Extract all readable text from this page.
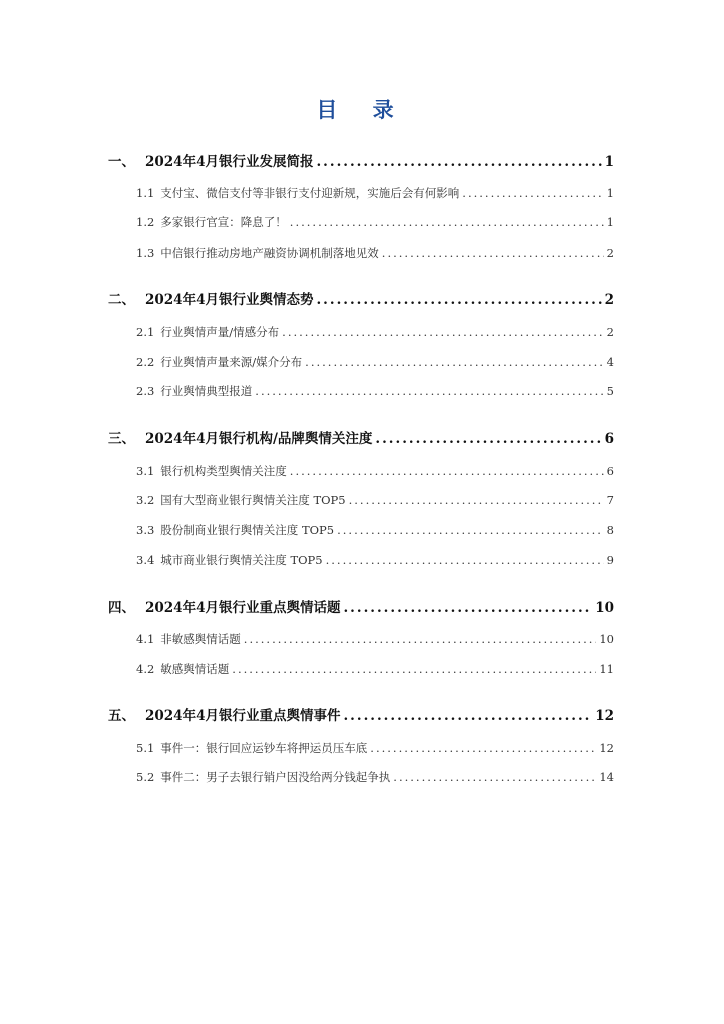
目 录
一、 2024年4月银行业发展简报 .....	1
1.1 支付宝、微信支付等非银行支付迎新规，实施后会有何影响 .....	1
1.2 多家银行官宣：降息了！ .....	1
1.3 中信银行推动房地产融资协调机制落地见效 .....	2
二、 2024年4月银行业舆情态势 .....	2
2.1 行业舆情声量/情感分布 .....	2
2.2 行业舆情声量来源/媒介分布 .....	4
2.3 行业舆情典型报道 .....	5
三、 2024年4月银行机构/品牌舆情关注度 .....	6
3.1 银行机构类型舆情关注度 .....	6
3.2 国有大型商业银行舆情关注度 TOP5 .....	7
3.3 股份制商业银行舆情关注度 TOP5 .....	8
3.4 城市商业银行舆情关注度 TOP5 .....	9
四、 2024年4月银行业重点舆情话题 .....	10
4.1 非敏感舆情话题 .....	10
4.2 敏感舆情话题 .....	11
五、 2024年4月银行业重点舆情事件 .....	12
5.1 事件一：银行回应运钞车将押运员压车底 .....	12
5.2 事件二：男子去银行销户因没给两分钱起争执 .....	14
